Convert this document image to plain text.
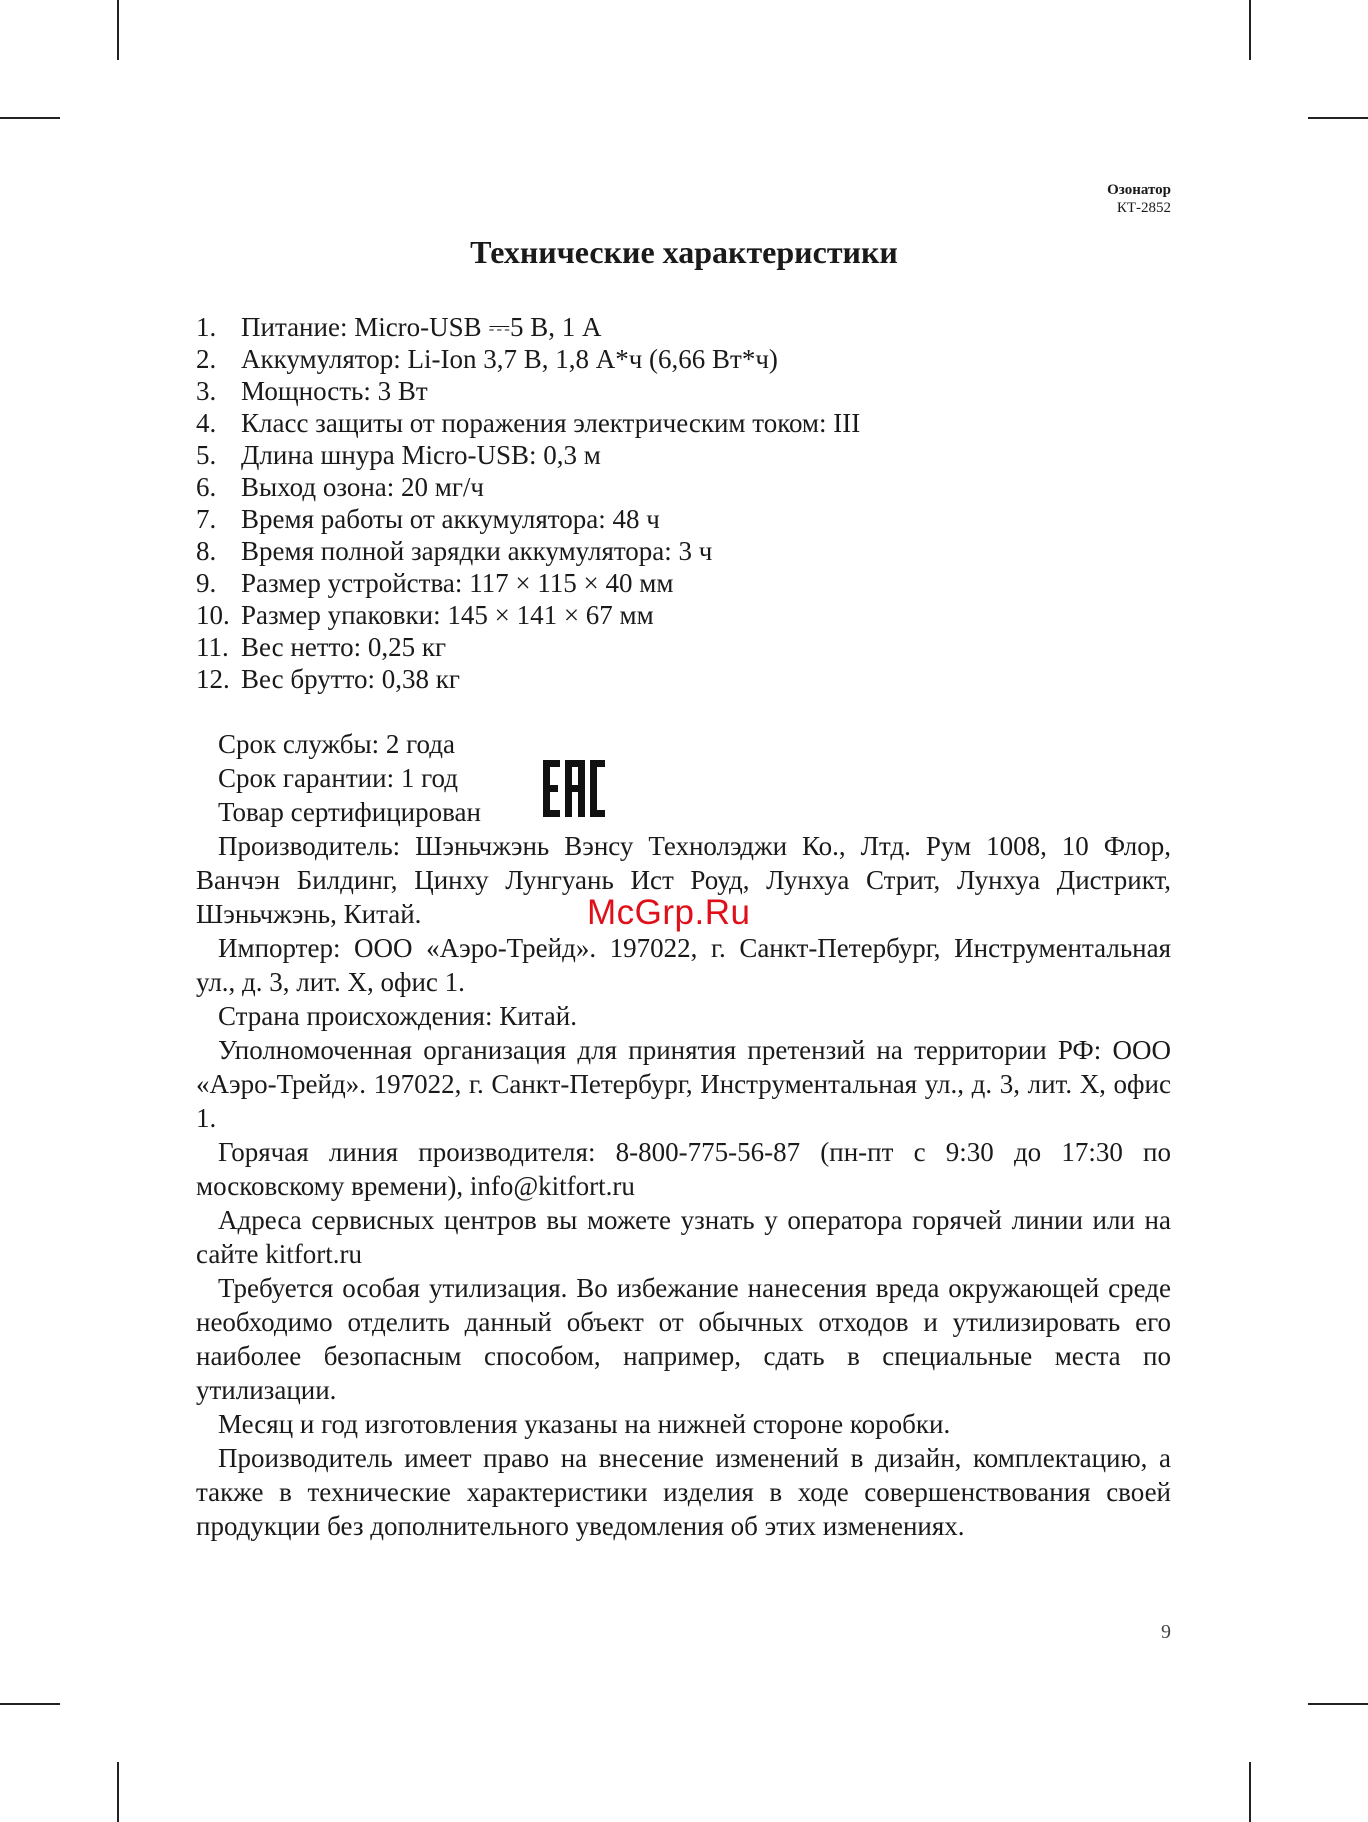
Озонатор
КТ-2852
Технические характеристики
1. Питание: Micro-USB ⎓5 В, 1 А
2. Аккумулятор: Li-Ion 3,7 В, 1,8 А*ч (6,66 Вт*ч)
3. Мощность: 3 Вт
4. Класс защиты от поражения электрическим током: III
5. Длина шнура Micro-USB: 0,3 м
6. Выход озона: 20 мг/ч
7. Время работы от аккумулятора: 48 ч
8. Время полной зарядки аккумулятора: 3 ч
9. Размер устройства: 117 × 115 × 40 мм
10. Размер упаковки: 145 × 141 × 67 мм
11. Вес нетто: 0,25 кг
12. Вес брутто: 0,38 кг

Срок службы: 2 года

Срок гарантии: 1 год

Товар сертифицирован

Производитель: Шэньчжэнь Вэнсу Технолэджи Ко., Лтд. Рум 1008, 10 Флор, Ванчэн Билдинг, Цинху Лунгуань Ист Роуд, Лунхуа Стрит, Лунхуа Дистрикт, Шэньчжэнь, Китай.

Импортер: ООО «Аэро-Трейд». 197022, г. Санкт-Петербург, Инструментальная ул., д. 3, лит. Х, офис 1.

Страна происхождения: Китай.

Уполномоченная организация для принятия претензий на территории РФ: ООО «Аэро-Трейд». 197022, г. Санкт-Петербург, Инструментальная ул., д. 3, лит. Х, офис 1.

Горячая линия производителя: 8-800-775-56-87 (пн-пт с 9:30 до 17:30 по московскому времени), info@kitfort.ru

Адреса сервисных центров вы можете узнать у оператора горячей линии или на сайте kitfort.ru

Требуется особая утилизация. Во избежание нанесения вреда окружающей среде необходимо отделить данный объект от обычных отходов и утилизировать его наиболее безопасным способом, например, сдать в специальные места по утилизации.

Месяц и год изготовления указаны на нижней стороне коробки.

Производитель имеет право на внесение изменений в дизайн, комплектацию, а также в технические характеристики изделия в ходе совершенствования своей продукции без дополнительного уведомления об этих изменениях.

McGrp.Ru
9
